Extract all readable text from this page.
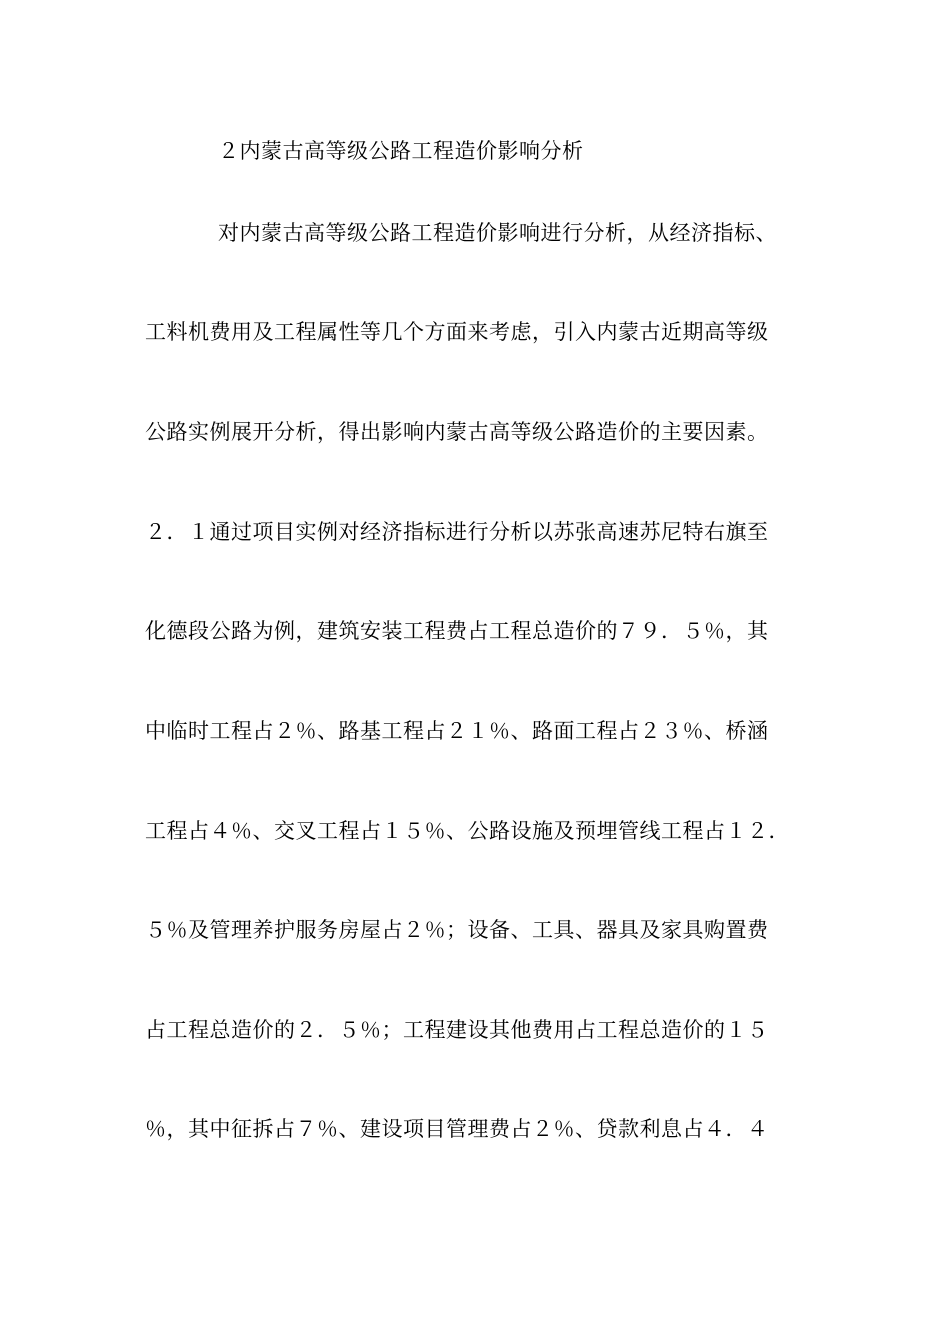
２内蒙古高等级公路工程造价影响分析
对内蒙古高等级公路工程造价影响进行分析，从经济指标、
工料机费用及工程属性等几个方面来考虑，引入内蒙古近期高等级
公路实例展开分析，得出影响内蒙古高等级公路造价的主要因素。
２．１通过项目实例对经济指标进行分析以苏张高速苏尼特右旗至
化德段公路为例，建筑安装工程费占工程总造价的７９．５％，其
中临时工程占２％、路基工程占２１％、路面工程占２３％、桥涵
工程占４％、交叉工程占１５％、公路设施及预埋管线工程占１２．
５％及管理养护服务房屋占２％；设备、工具、器具及家具购置费
占工程总造价的２．５％；工程建设其他费用占工程总造价的１５
％，其中征拆占７％、建设项目管理费占２％、贷款利息占４．４
